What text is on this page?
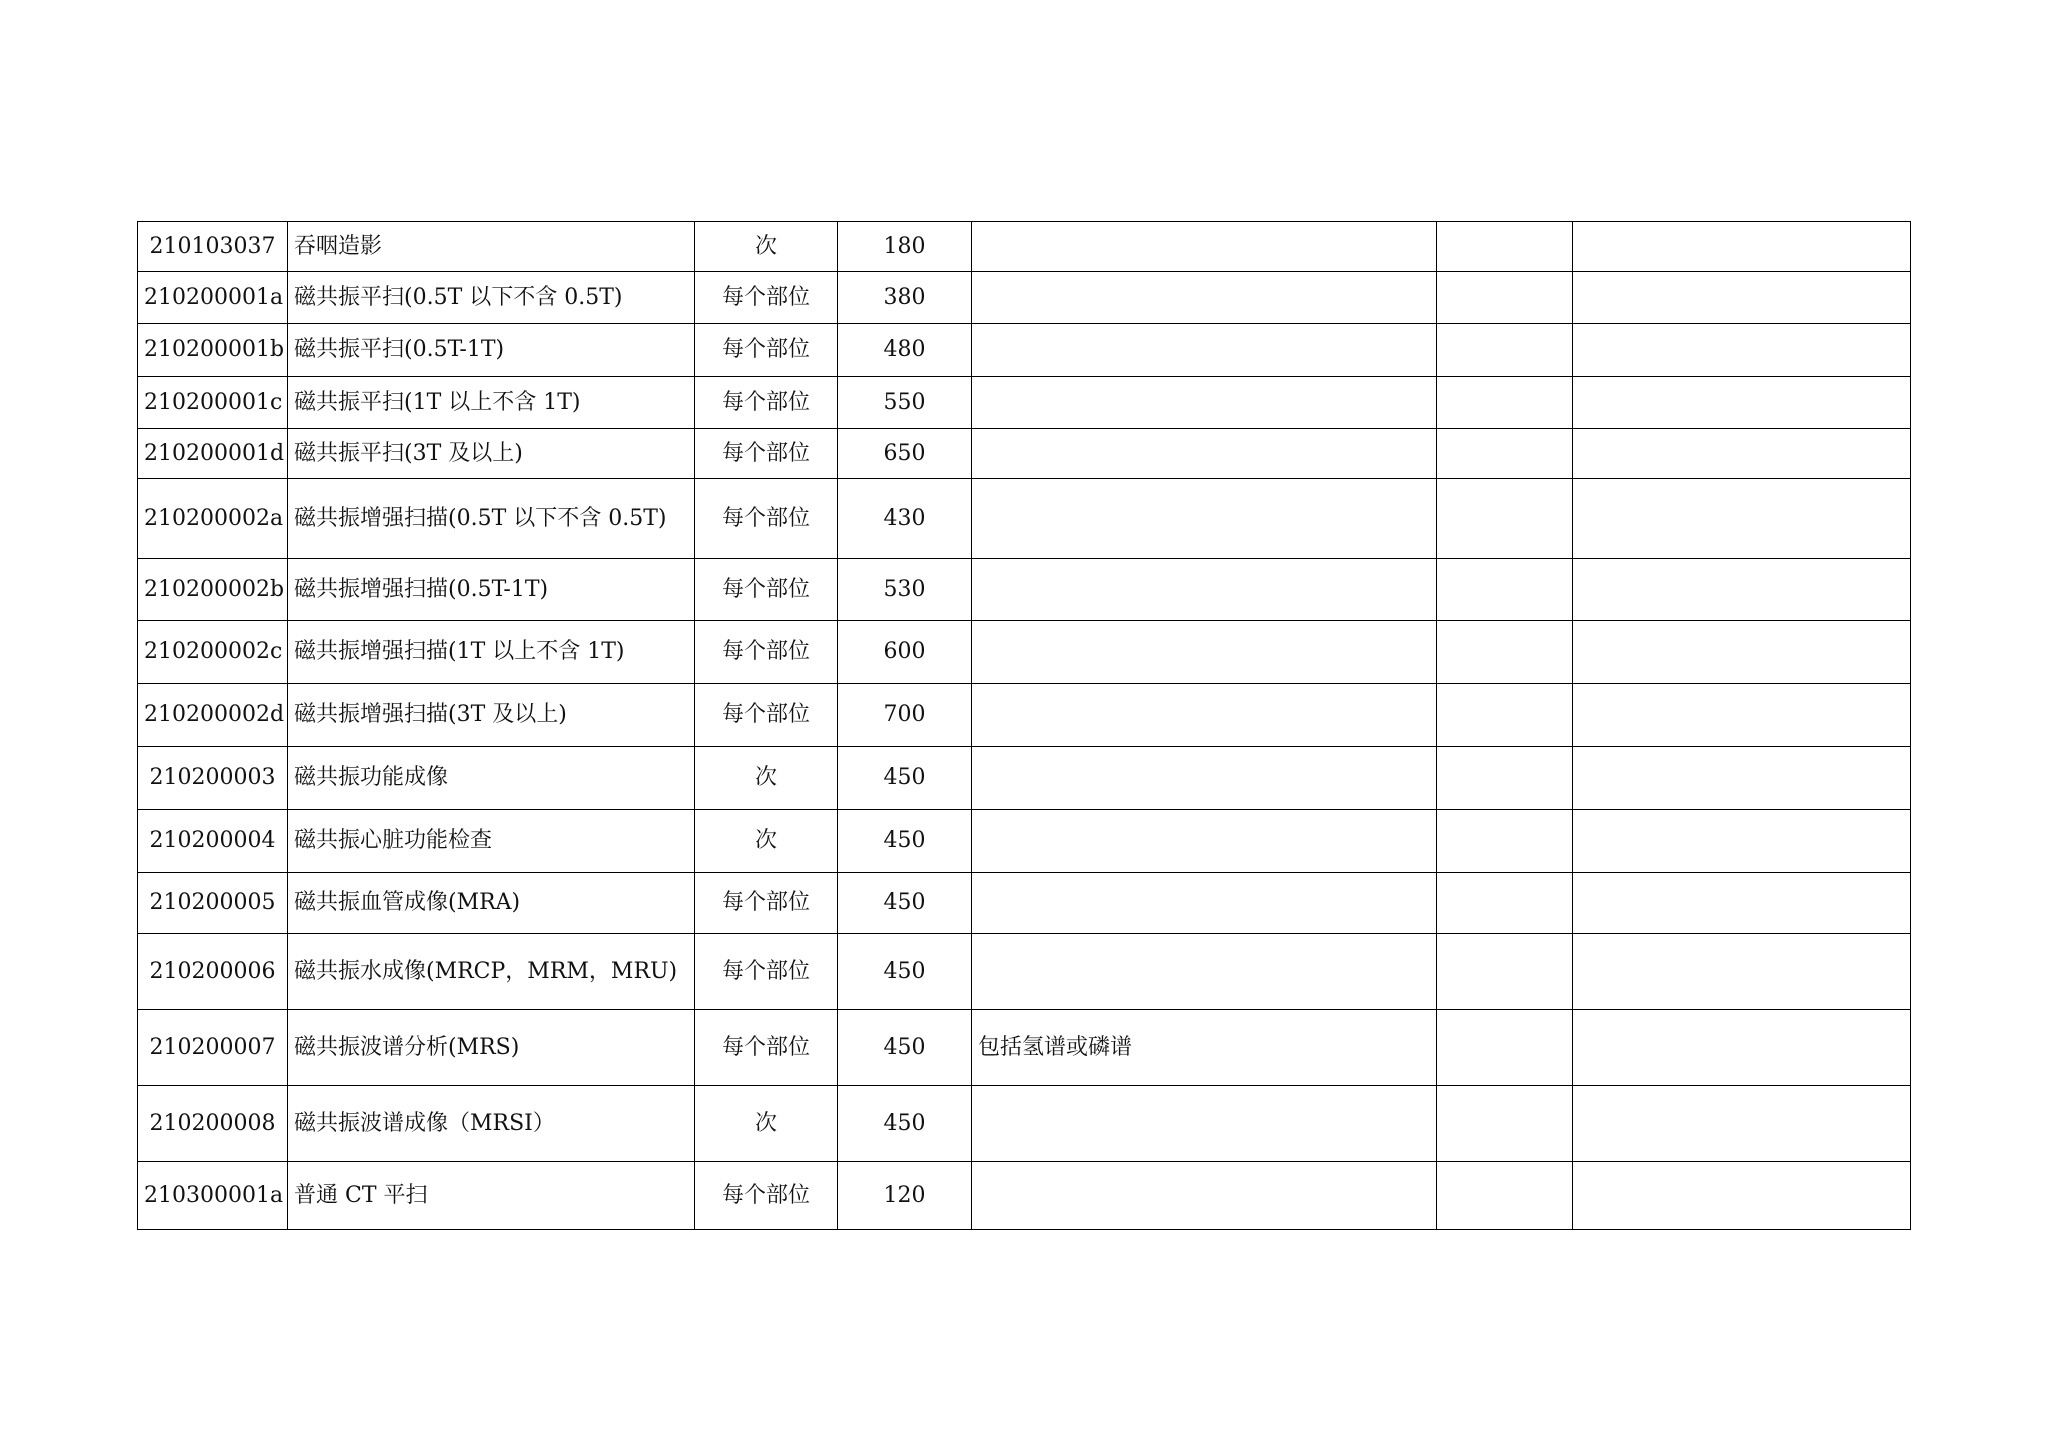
210103037	吞咽造影	次	180			
210200001a	磁共振平扫(0.5T 以下不含 0.5T)	每个部位	380			
210200001b	磁共振平扫(0.5T-1T)	每个部位	480			
210200001c	磁共振平扫(1T 以上不含 1T)	每个部位	550			
210200001d	磁共振平扫(3T 及以上)	每个部位	650			
210200002a	磁共振增强扫描(0.5T 以下不含 0.5T)	每个部位	430			
210200002b	磁共振增强扫描(0.5T-1T)	每个部位	530			
210200002c	磁共振增强扫描(1T 以上不含 1T)	每个部位	600			
210200002d	磁共振增强扫描(3T 及以上)	每个部位	700			
210200003	磁共振功能成像	次	450			
210200004	磁共振心脏功能检查	次	450			
210200005	磁共振血管成像(MRA)	每个部位	450			
210200006	磁共振水成像(MRCP，MRM，MRU)	每个部位	450			
210200007	磁共振波谱分析(MRS)	每个部位	450	包括氢谱或磷谱		
210200008	磁共振波谱成像（MRSI）	次	450			
210300001a	普通 CT 平扫	每个部位	120			
